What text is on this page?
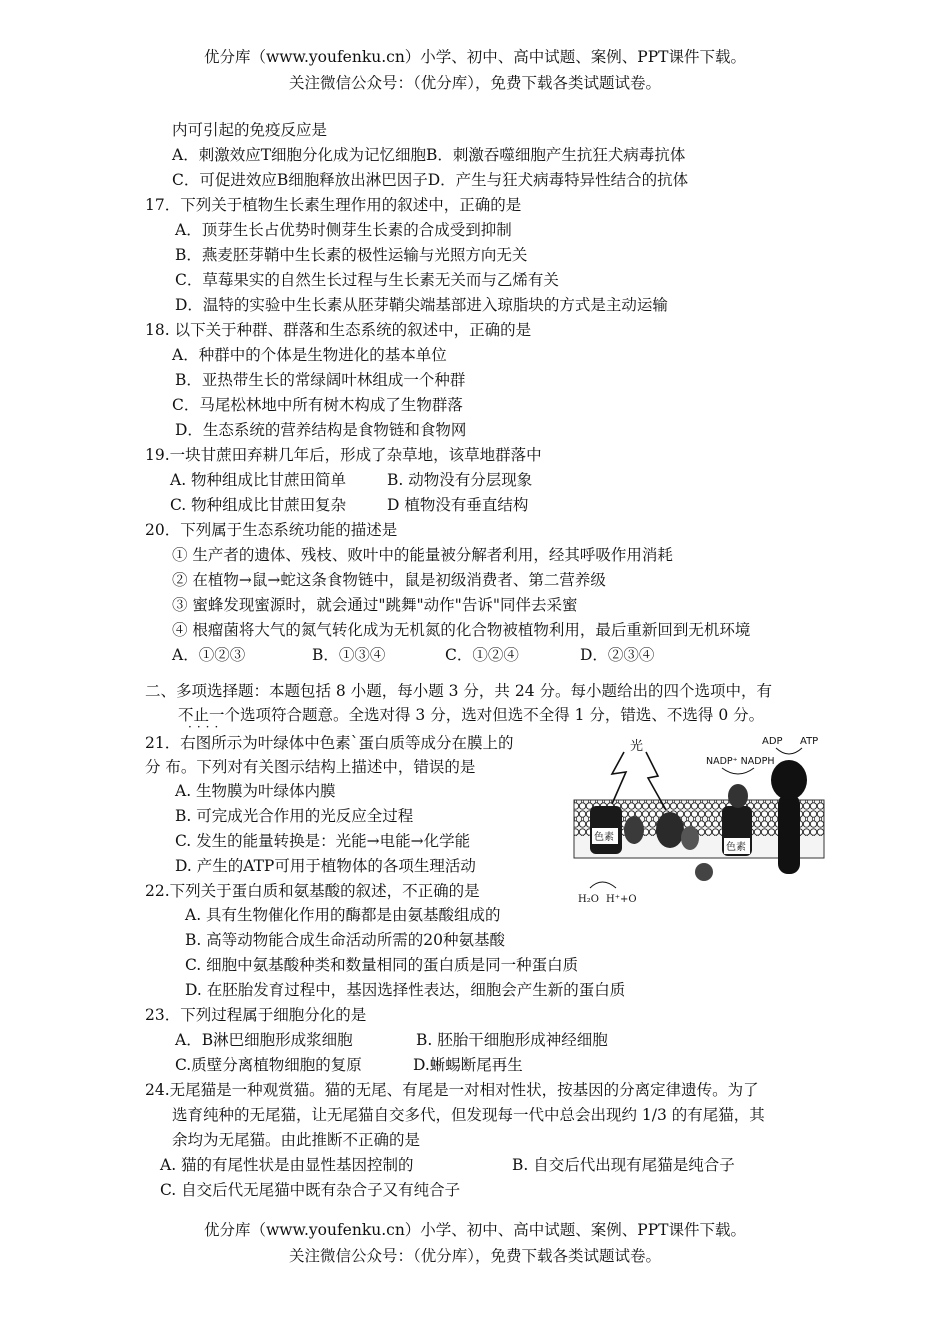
优分库（www.youfenku.cn）小学、初中、高中试题、案例、PPT课件下载。
关注微信公众号：（优分库），免费下载各类试题试卷。
内可引起的免疫反应是
A．刺激效应T细胞分化成为记忆细胞B．刺激吞噬细胞产生抗狂犬病毒抗体
C．可促进效应B细胞释放出淋巴因子D．产生与狂犬病毒特异性结合的抗体
17．下列关于植物生长素生理作用的叙述中，正确的是
A．顶芽生长占优势时侧芽生长素的合成受到抑制
B．燕麦胚芽鞘中生长素的极性运输与光照方向无关
C．草莓果实的自然生长过程与生长素无关而与乙烯有关
D．温特的实验中生长素从胚芽鞘尖端基部进入琼脂块的方式是主动运输
18. 以下关于种群、群落和生态系统的叙述中，正确的是
A．种群中的个体是生物进化的基本单位
B．亚热带生长的常绿阔叶林组成一个种群
C．马尾松林地中所有树木构成了生物群落
D．生态系统的营养结构是食物链和食物网
19.一块甘蔗田弃耕几年后，形成了杂草地，该草地群落中
A. 物种组成比甘蔗田简单	B. 动物没有分层现象
C. 物种组成比甘蔗田复杂	D 植物没有垂直结构
20．下列属于生态系统功能的描述是
① 生产者的遗体、残枝、败叶中的能量被分解者利用，经其呼吸作用消耗
② 在植物→鼠→蛇这条食物链中，鼠是初级消费者、第二营养级
③ 蜜蜂发现蜜源时，就会通过"跳舞"动作"告诉"同伴去采蜜
④ 根瘤菌将大气的氮气转化成为无机氮的化合物被植物利用，最后重新回到无机环境
A．①②③	B．①③④	C．①②④	D．②③④
二、多项选择题：本题包括 8 小题，每小题 3 分，共 24 分。每小题给出的四个选项中，有
不止一个选项符合题意。全选对得 3 分，选对但选不全得 1 分，错选、不选得 0 分。
····
21．右图所示为叶绿体中色素`蛋白质等成分在膜上的
分 布。下列对有关图示结构上描述中，错误的是
A. 生物膜为叶绿体内膜
B. 可完成光合作用的光反应全过程
C. 发生的能量转换是：光能→电能→化学能
D. 产生的ATP可用于植物体的各项生理活动
光
色素
色素
ADP ATP
NADP⁺ NADPH
H₂O H⁺+O
22.下列关于蛋白质和氨基酸的叙述，不正确的是
A. 具有生物催化作用的酶都是由氨基酸组成的
B. 高等动物能合成生命活动所需的20种氨基酸
C. 细胞中氨基酸种类和数量相同的蛋白质是同一种蛋白质
D. 在胚胎发育过程中，基因选择性表达，细胞会产生新的蛋白质
23．下列过程属于细胞分化的是
A．B淋巴细胞形成浆细胞	B. 胚胎干细胞形成神经细胞
C.质壁分离植物细胞的复原	D.蜥蜴断尾再生
24.无尾猫是一种观赏猫。猫的无尾、有尾是一对相对性状，按基因的分离定律遗传。为了
选育纯种的无尾猫，让无尾猫自交多代，但发现每一代中总会出现约 1/3 的有尾猫，其
余均为无尾猫。由此推断不正确的是
A. 猫的有尾性状是由显性基因控制的	B. 自交后代出现有尾猫是纯合子
C. 自交后代无尾猫中既有杂合子又有纯合子
优分库（www.youfenku.cn）小学、初中、高中试题、案例、PPT课件下载。
关注微信公众号：（优分库），免费下载各类试题试卷。
